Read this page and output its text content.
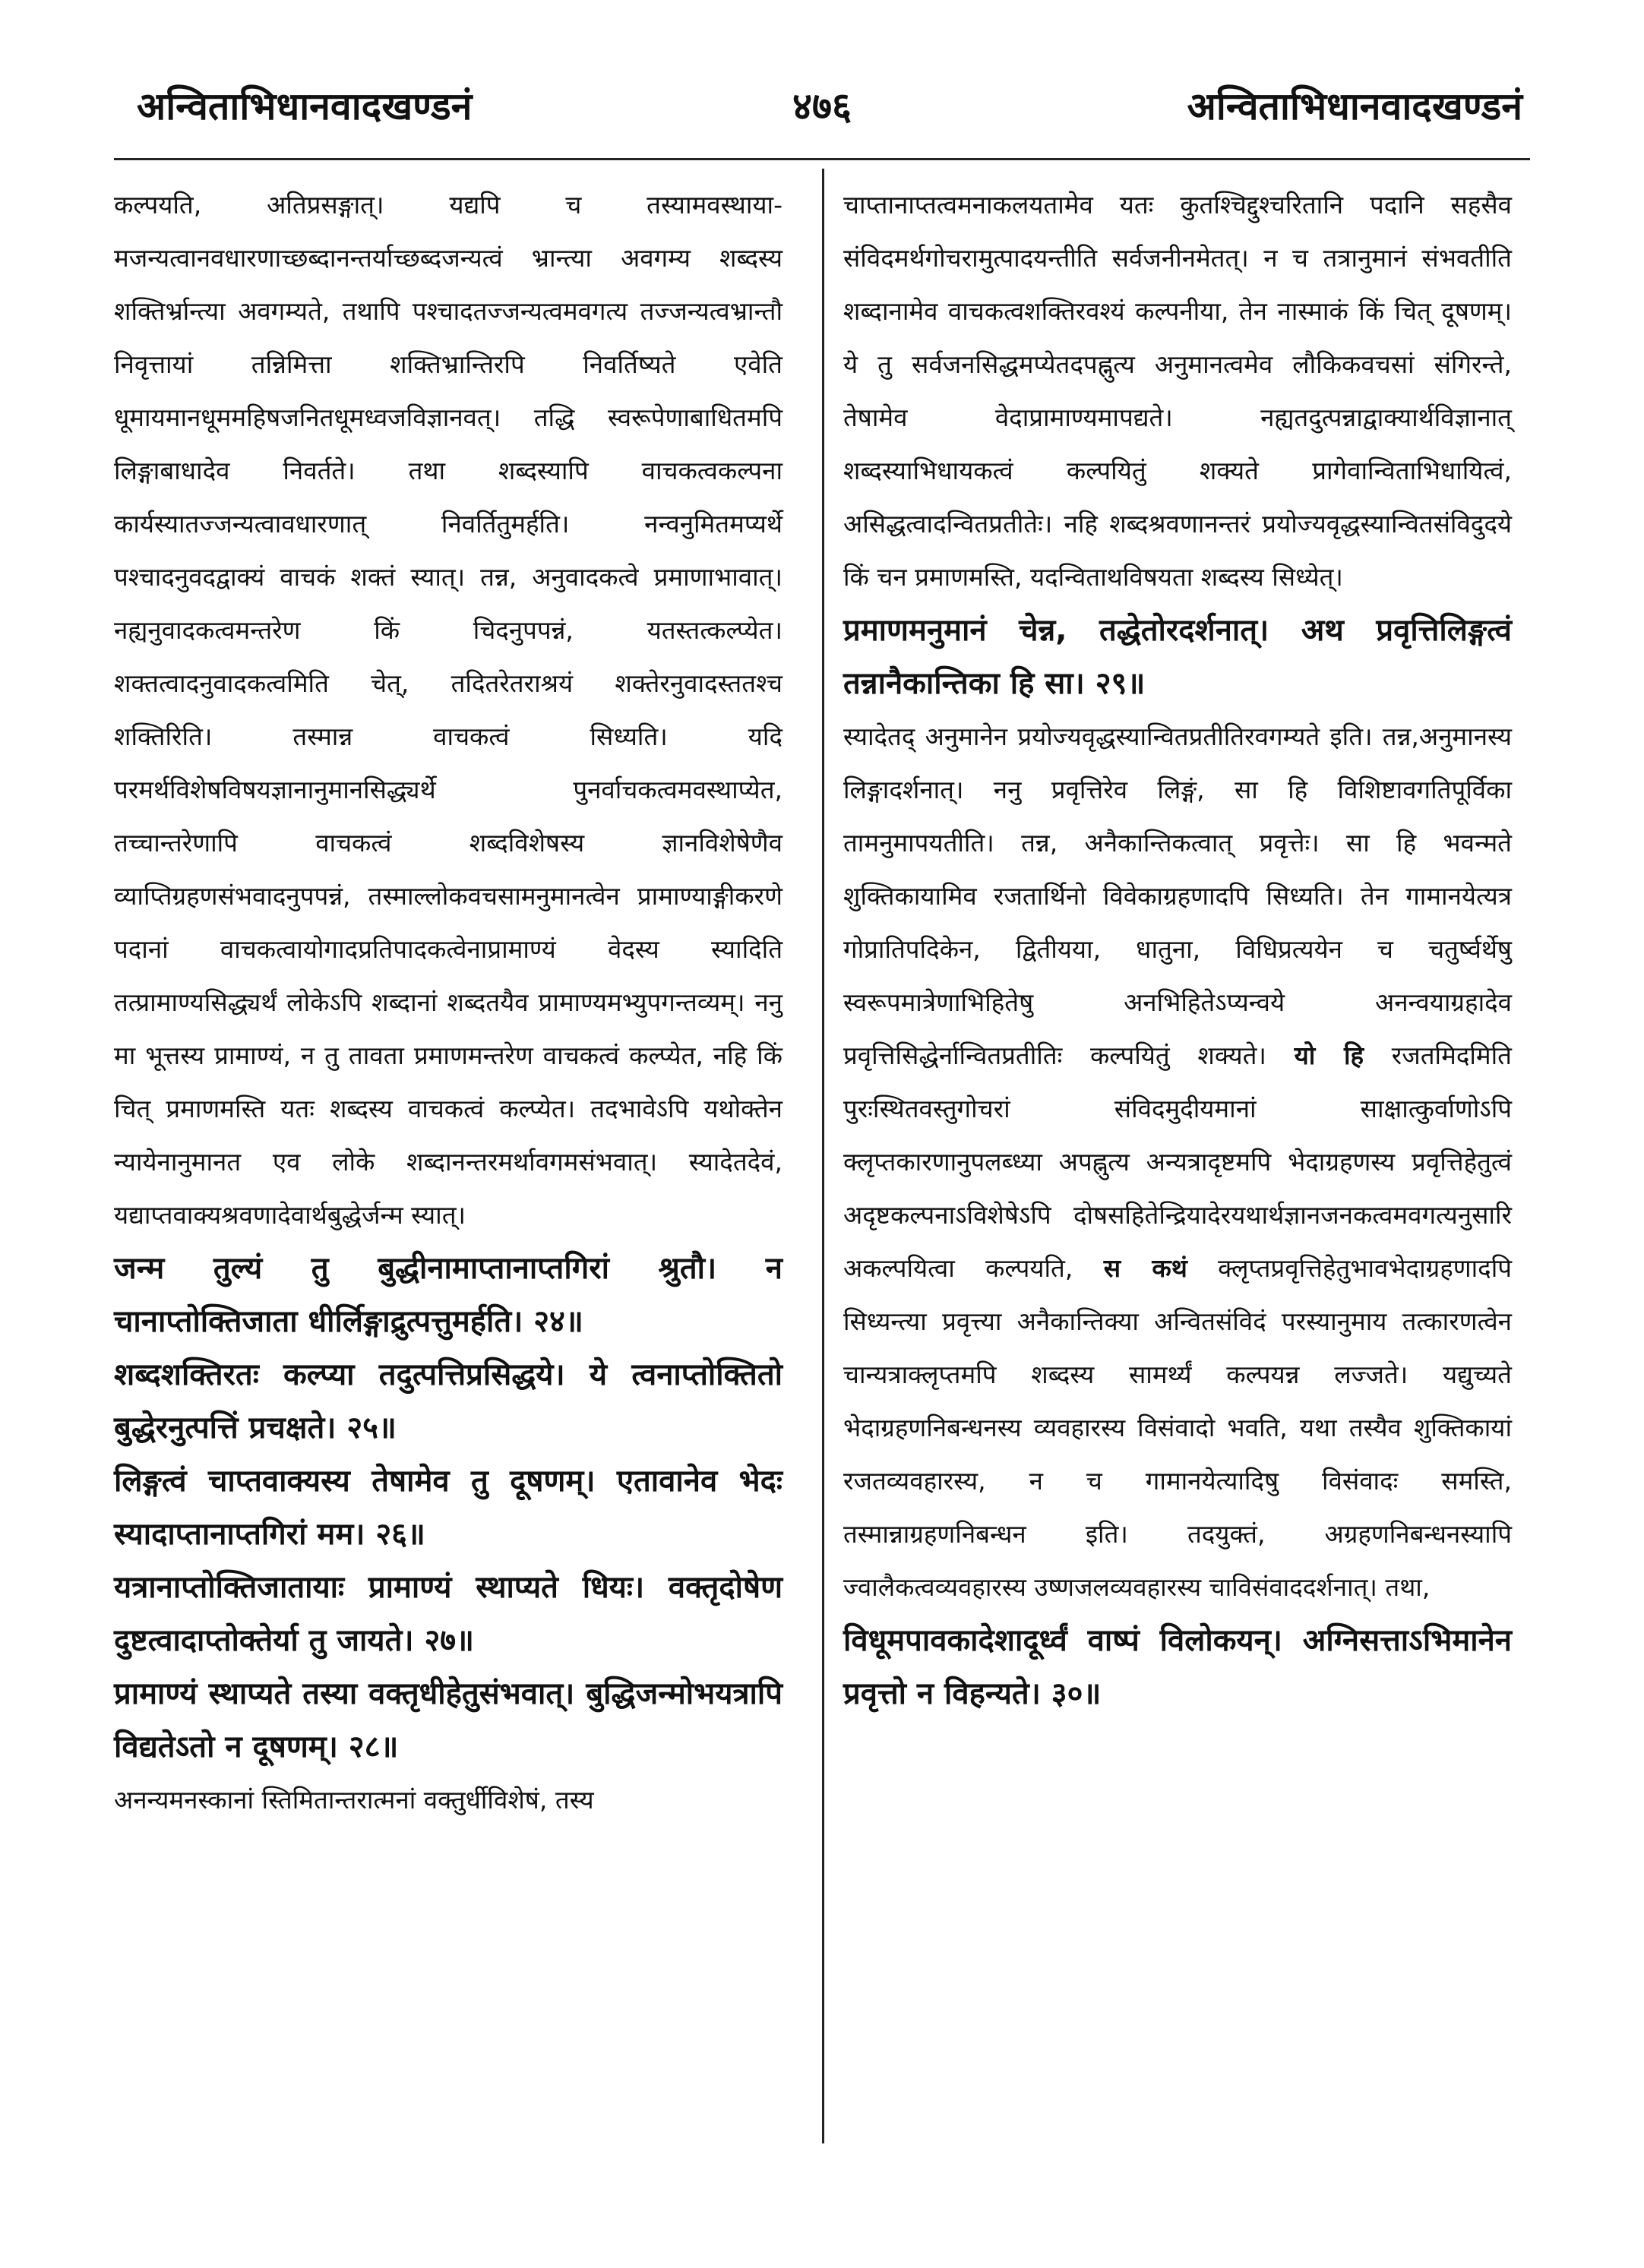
अन्विताभिधानवादखण्डनं	४७६	अन्विताभिधानवादखण्डनं

कल्पयति, अतिप्रसङ्गात्। यद्यपि च तस्यामवस्थाया-मजन्यत्वानवधारणाच्छब्दानन्तर्याच्छब्दजन्यत्वं भ्रान्त्या अवगम्य शब्दस्य शक्तिर्भ्रान्त्या अवगम्यते, तथापि पश्चादतज्जन्यत्वमवगत्य तज्जन्यत्वभ्रान्तौ निवृत्तायां तन्निमित्ता शक्तिभ्रान्तिरपि निवर्तिष्यते एवेति धूमायमानधूममहिषजनितधूमध्वजविज्ञानवत्। तद्धि स्वरूपेणाबाधितमपि लिङ्गाबाधादेव निवर्तते। तथा शब्दस्यापि वाचकत्वकल्पना कार्यस्यातज्जन्यत्वावधारणात् निवर्तितुमर्हति। नन्वनुमितमप्यर्थे पश्चादनुवदद्वाक्यं वाचकं शक्तं स्यात्। तन्न, अनुवादकत्वे प्रमाणाभावात्। नह्यनुवादकत्वमन्तरेण किं चिदनुपपन्नं, यतस्तत्कल्प्येत। शक्तत्वादनुवादकत्वमिति चेत्, तदितरेतराश्रयं शक्तेरनुवादस्ततश्च शक्तिरिति। तस्मान्न वाचकत्वं सिध्यति। यदि परमर्थविशेषविषयज्ञानानुमानसिद्ध्यर्थे पुनर्वाचकत्वमवस्थाप्येत, तच्चान्तरेणापि वाचकत्वं शब्दविशेषस्य ज्ञानविशेषेणैव व्याप्तिग्रहणसंभवादनुपपन्नं, तस्माल्लोकवचसामनुमानत्वेन प्रामाण्याङ्गीकरणे पदानां वाचकत्वायोगादप्रतिपादकत्वेनाप्रामाण्यं वेदस्य स्यादिति तत्प्रामाण्यसिद्ध्यर्थं लोकेऽपि शब्दानां शब्दतयैव प्रामाण्यमभ्युपगन्तव्यम्। ननु मा भूत्तस्य प्रामाण्यं, न तु तावता प्रमाणमन्तरेण वाचकत्वं कल्प्येत, नहि किं चित् प्रमाणमस्ति यतः शब्दस्य वाचकत्वं कल्प्येत। तदभावेऽपि यथोक्तेन न्यायेनानुमानत एव लोके शब्दानन्तरमर्थावगमसंभवात्। स्यादेतदेवं, यद्याप्तवाक्यश्रवणादेवार्थबुद्धेर्जन्म स्यात्।

जन्म तुल्यं तु बुद्धीनामाप्तानाप्तगिरां श्रुतौ। न चानाप्तोक्तिजाता धीर्लिङ्गाद्रुत्पत्तुमर्हति। २४॥

शब्दशक्तिरतः कल्प्या तदुत्पत्तिप्रसिद्धये। ये त्वनाप्तोक्तितो बुद्धेरनुत्पत्तिं प्रचक्षते। २५॥

लिङ्गत्वं चाप्तवाक्यस्य तेषामेव तु दूषणम्। एतावानेव भेदः स्यादाप्तानाप्तगिरां मम। २६॥

यत्रानाप्तोक्तिजातायाः प्रामाण्यं स्थाप्यते धियः। वक्तृदोषेण दुष्टत्वादाप्तोक्तेर्या तु जायते। २७॥

प्रामाण्यं स्थाप्यते तस्या वक्तृधीहेतुसंभवात्। बुद्धिजन्मोभयत्रापि विद्यतेऽतो न दूषणम्। २८॥

अनन्यमनस्कानां स्तिमितान्तरात्मनां वक्तुर्धीविशेषं, तस्य

चाप्तानाप्तत्वमनाकलयतामेव यतः कुतश्चिद्दुश्चरितानि पदानि सहसैव संविदमर्थगोचरामुत्पादयन्तीति सर्वजनीनमेतत्। न च तत्रानुमानं संभवतीति शब्दानामेव वाचकत्वशक्तिरवश्यं कल्पनीया, तेन नास्माकं किं चित् दूषणम्। ये तु सर्वजनसिद्धमप्येतदपह्नुत्य अनुमानत्वमेव लौकिकवचसां संगिरन्ते, तेषामेव वेदाप्रामाण्यमापद्यते। नह्यतदुत्पन्नाद्वाक्यार्थविज्ञानात् शब्दस्याभिधायकत्वं कल्पयितुं शक्यते प्रागेवान्विताभिधायित्वं, असिद्धत्वादन्वितप्रतीतेः। नहि शब्दश्रवणानन्तरं प्रयोज्यवृद्धस्यान्वितसंविदुदये किं चन प्रमाणमस्ति, यदन्विताथविषयता शब्दस्य सिध्येत्।

प्रमाणमनुमानं चेन्न, तद्धेतोरदर्शनात्। अथ प्रवृत्तिलिङ्गत्वं तन्नानैकान्तिका हि सा। २९॥

स्यादेतद् अनुमानेन प्रयोज्यवृद्धस्यान्वितप्रतीतिरवगम्यते इति। तन्न,अनुमानस्य लिङ्गादर्शनात्। ननु प्रवृत्तिरेव लिङ्गं, सा हि विशिष्टावगतिपूर्विका तामनुमापयतीति। तन्न, अनैकान्तिकत्वात् प्रवृत्तेः। सा हि भवन्मते शुक्तिकायामिव रजतार्थिनो विवेकाग्रहणादपि सिध्यति। तेन गामानयेत्यत्र गोप्रातिपदिकेन, द्वितीयया, धातुना, विधिप्रत्ययेन च चतुर्ष्वर्थेषु स्वरूपमात्रेणाभिहितेषु अनभिहितेऽप्यन्वये अनन्वयाग्रहादेव प्रवृत्तिसिद्धेर्नान्वितप्रतीतिः कल्पयितुं शक्यते। यो हि रजतमिदमिति पुरःस्थितवस्तुगोचरां संविदमुदीयमानां साक्षात्कुर्वाणोऽपि क्लृप्तकारणानुपलब्ध्या अपह्नुत्य अन्यत्रादृष्टमपि भेदाग्रहणस्य प्रवृत्तिहेतुत्वं अदृष्टकल्पनाऽविशेषेऽपि दोषसहितेन्द्रियादेरयथार्थज्ञानजनकत्वमवगत्यनुसारि अकल्पयित्वा कल्पयति, स कथं क्लृप्तप्रवृत्तिहेतुभावभेदाग्रहणादपि सिध्यन्त्या प्रवृत्त्या अनैकान्तिक्या अन्वितसंविदं परस्यानुमाय तत्कारणत्वेन चान्यत्राक्लृप्तमपि शब्दस्य सामर्थ्यं कल्पयन्न लज्जते। यद्युच्यते भेदाग्रहणनिबन्धनस्य व्यवहारस्य विसंवादो भवति, यथा तस्यैव शुक्तिकायां रजतव्यवहारस्य, न च गामानयेत्यादिषु विसंवादः समस्ति, तस्मान्नाग्रहणनिबन्धन इति। तदयुक्तं, अग्रहणनिबन्धनस्यापि ज्वालैकत्वव्यवहारस्य उष्णजलव्यवहारस्य चाविसंवाददर्शनात्। तथा,

विधूमपावकादेशादूर्ध्वं वाष्पं विलोकयन्। अग्निसत्ताऽभिमानेन प्रवृत्तो न विहन्यते। ३०॥
